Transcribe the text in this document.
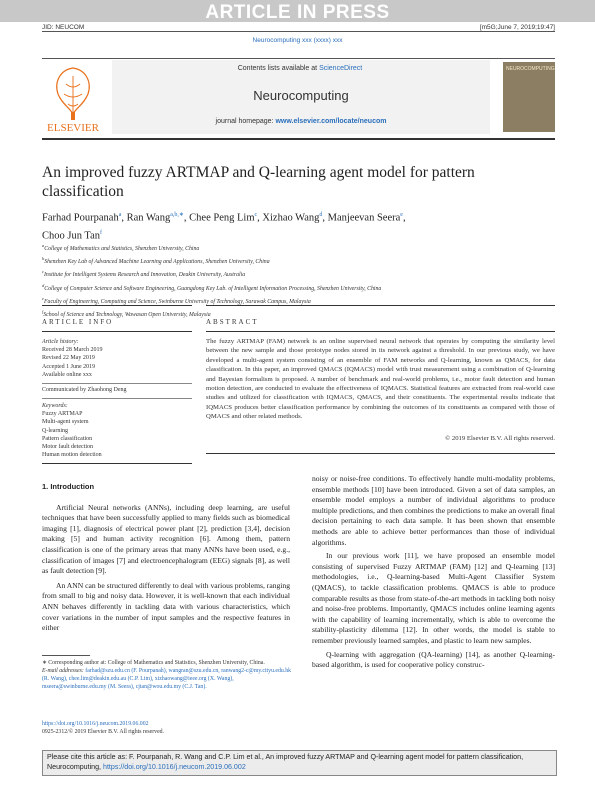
ARTICLE IN PRESS
JID: NEUCOM	[m5G;June 7, 2019;19:47]
Neurocomputing xxx (xxxx) xxx
ELSEVIER
Contents lists available at ScienceDirect
Neurocomputing
journal homepage: www.elsevier.com/locate/neucom
NEUROCOMPUTING
An improved fuzzy ARTMAP and Q-learning agent model for pattern classification
Farhad Pourpanah$^a$, Ran Wang$^{a,b,∗}$, Chee Peng Lim$^c$, Xizhao Wang$^d$, Manjeevan Seera$^e$,
Choo Jun Tan$^f$
$^a$College of Mathematics and Statistics, Shenzhen University, China
$^b$Shenzhen Key Lab of Advanced Machine Learning and Applications, Shenzhen University, China
$^c$Institute for Intelligent Systems Research and Innovation, Deakin University, Australia
$^d$College of Computer Science and Software Engineering, Guangdong Key Lab. of Intelligent Information Processing, Shenzhen University, China
$^e$Faculty of Engineering, Computing and Science, Swinburne University of Technology, Sarawak Campus, Malaysia
$^f$School of Science and Technology, Wawasan Open University, Malaysia
ARTICLE INFO	ABSTRACT
Article history:
Received 28 March 2019
Revised 22 May 2019
Accepted 1 June 2019
Available online xxx
Communicated by Zhaohong Deng
Keywords:
Fuzzy ARTMAP
Multi-agent system
Q-learning
Pattern classification
Motor fault detection
Human motion detection
The fuzzy ARTMAP (FAM) network is an online supervised neural network that operates by computing the similarity level between the new sample and those prototype nodes stored in its network against a threshold. In our previous study, we have developed a multi-agent system consisting of an ensemble of FAM networks and Q-learning, known as QMACS, for data classification. In this paper, an improved QMACS (IQMACS) model with trust measurement using a combination of Q-learning and Bayesian formalism is proposed. A number of benchmark and real-world problems, i.e., motor fault detection and human motion detection, are conducted to evaluate the effectiveness of IQMACS. Statistical features are extracted from real-world case studies and utilized for classification with IQMACS, QMACS, and their constituents. The experimental results indicate that IQMACS produces better classification performance by combining the outcomes of its constituents as compared with those of QMACS and other related methods.
© 2019 Elsevier B.V. All rights reserved.
1. Introduction

Artificial Neural networks (ANNs), including deep learning, are useful techniques that have been successfully applied to many fields such as biomedical imaging [1], diagnosis of electrical power plant [2], prediction [3,4], decision making [5] and human activity recognition [6]. Among them, pattern classification is one of the primary areas that many ANNs have been used, e.g., classification of images [7] and electroencephalogram (EEG) signals [8], as well as fault detection [9].

An ANN can be structured differently to deal with various problems, ranging from small to big and noisy data. However, it is well-known that each individual ANN behaves differently in tackling data with various characteristics, which cover variations in the number of input samples and the respective features in either

noisy or noise-free conditions. To effectively handle multi-modality problems, ensemble methods [10] have been introduced. Given a set of data samples, an ensemble model employs a number of individual algorithms to produce multiple predictions, and then combines the predictions to make an overall final decision pertaining to each data sample. It has been shown that ensemble methods are able to achieve better performances than those of individual algorithms.

In our previous work [11], we have proposed an ensemble model consisting of supervised Fuzzy ARTMAP (FAM) [12] and Q-learning [13] methodologies, i.e., Q-learning-based Multi-Agent Classifier System (QMACS), to tackle classification problems. QMACS is able to produce comparable results as those from state-of-the-art methods in tackling both noisy and noise-free problems. Importantly, QMACS includes online learning agents with the capability of learning incrementally, which is able to overcome the stability-plasticity dilemma [12]. In other words, the model is stable to remember previously learned samples, and plastic to learn new samples.

Q-learning with aggregation (QA-learning) [14], as another Q-learning-based algorithm, is used for cooperative policy construc-

∗ Corresponding author at: College of Mathematics and Statistics, Shenzhen University, China.
E-mail addresses: farhad@szu.edu.cn (F. Pourpanah), wangran@szu.edu.cn, ranwang2-c@my.cityu.edu.hk (R. Wang), chee.lim@deakin.edu.au (C.P. Lim), xizhaowang@ieee.org (X. Wang), mseera@swinburne.edu.my (M. Seera), cjtan@wou.edu.my (C.J. Tan).
https://doi.org/10.1016/j.neucom.2019.06.002
0925-2312/© 2019 Elsevier B.V. All rights reserved.
Please cite this article as: F. Pourpanah, R. Wang and C.P. Lim et al., An improved fuzzy ARTMAP and Q-learning agent model for pattern classification, Neurocomputing, https://doi.org/10.1016/j.neucom.2019.06.002
